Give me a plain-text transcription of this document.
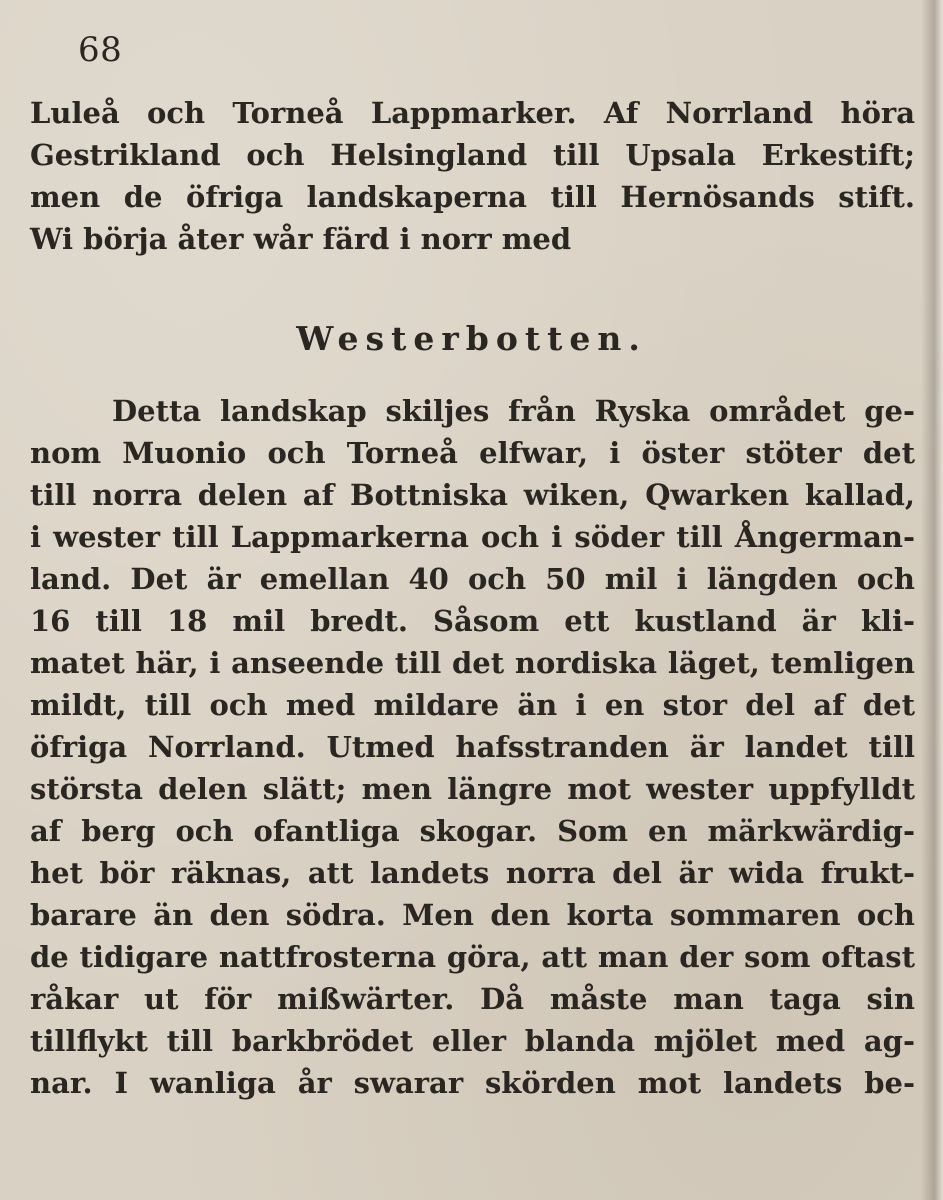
68
Luleå och Torneå Lappmarker. Af Norrland höra
Gestrikland och Helsingland till Upsala Erkestift;
men de öfriga landskaperna till Hernösands stift.
Wi börja åter wår färd i norr med
Westerbotten.
Detta landskap skiljes från Ryska området ge-
nom Muonio och Torneå elfwar, i öster stöter det
till norra delen af Bottniska wiken, Qwarken kallad,
i wester till Lappmarkerna och i söder till Ångerman-
land. Det är emellan 40 och 50 mil i längden och
16 till 18 mil bredt. Såsom ett kustland är kli-
matet här, i anseende till det nordiska läget, temligen
mildt, till och med mildare än i en stor del af det
öfriga Norrland. Utmed hafsstranden är landet till
största delen slätt; men längre mot wester uppfylldt
af berg och ofantliga skogar. Som en märkwärdig-
het bör räknas, att landets norra del är wida frukt-
barare än den södra. Men den korta sommaren och
de tidigare nattfrosterna göra, att man der som oftast
råkar ut för mißwärter. Då måste man taga sin
tillflykt till barkbrödet eller blanda mjölet med ag-
nar. I wanliga år swarar skörden mot landets be-
